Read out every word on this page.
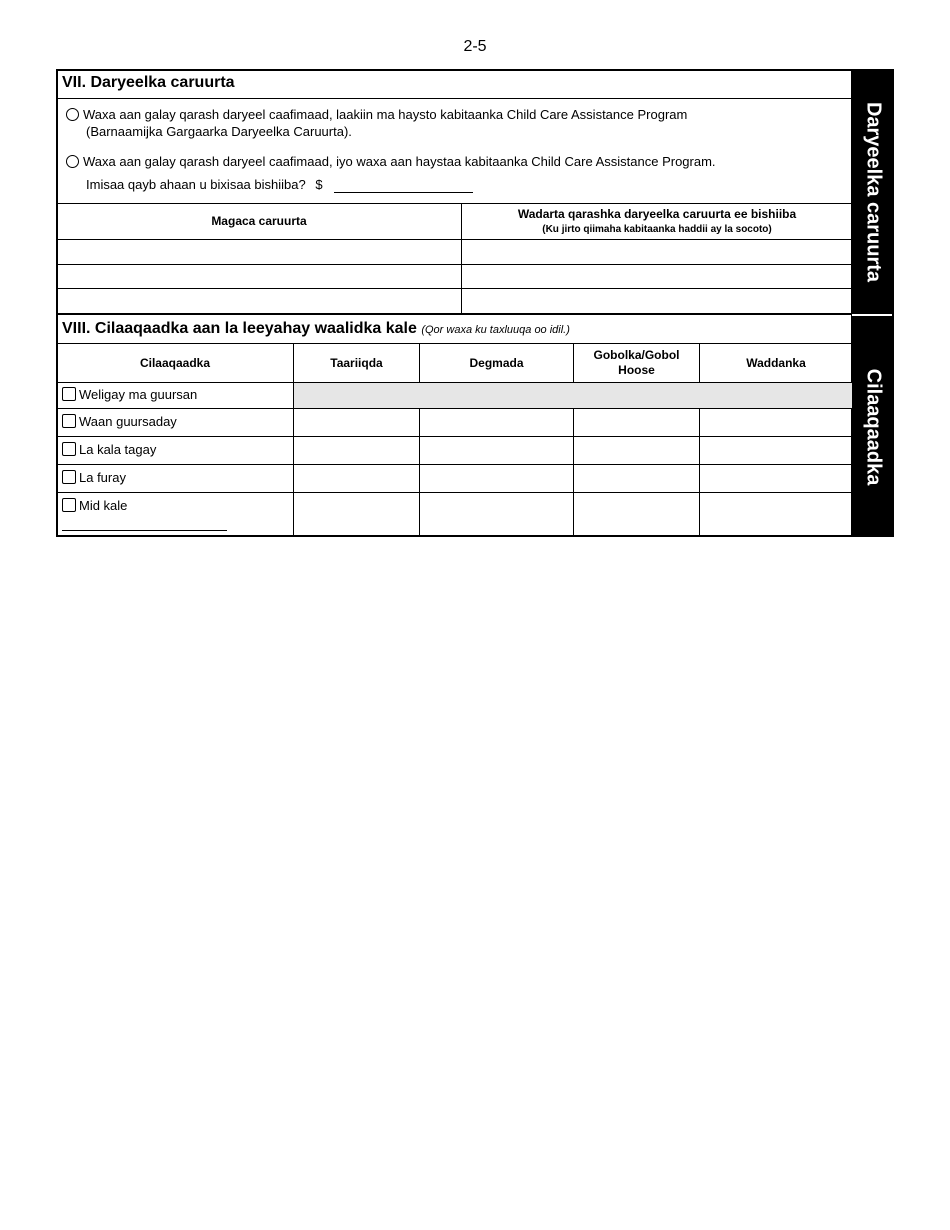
2-5
Daryeelka caruurta
Cilaaqaadka
VII. Daryeelka caruurta
Waxa aan galay qarash daryeel caafimaad, laakiin ma haysto kabitaanka Child Care Assistance Program
(Barnaamijka Gargaarka Daryeelka Caruurta).
Waxa aan galay qarash daryeel caafimaad, iyo waxa aan haystaa kabitaanka Child Care Assistance Program.
Imisaa qayb ahaan u bixisaa bishiiba? $
Magaca caruurta
Wadarta qarashka daryeelka caruurta ee bishiiba
(Ku jirto qiimaha kabitaanka haddii ay la socoto)
VIII. Cilaaqaadka aan la leeyahay waalidka kale (Qor waxa ku taxluuqa oo idil.)
Cilaaqaadka	Taariiqda	Degmada
Gobolka/Gobol Hoose
Waddanka
Weligay ma guursan
Waan guursaday
La kala tagay
La furay
Mid kale
